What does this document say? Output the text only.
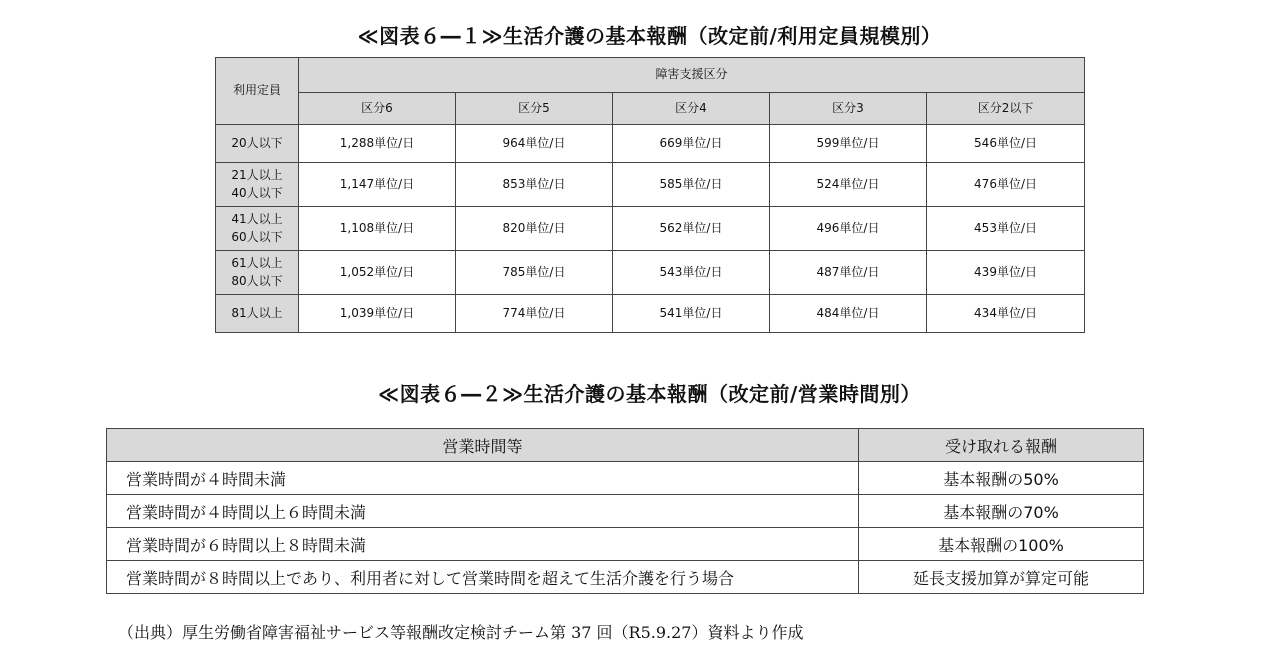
≪図表６―１≫生活介護の基本報酬（改定前/利用定員規模別）
利用定員	障害支援区分				
	区分6	区分5	区分4	区分3	区分2以下
20人以下	1,288単位/日	964単位/日	669単位/日	599単位/日	546単位/日
21人以上
40人以下	1,147単位/日	853単位/日	585単位/日	524単位/日	476単位/日
41人以上
60人以下	1,108単位/日	820単位/日	562単位/日	496単位/日	453単位/日
61人以上
80人以下	1,052単位/日	785単位/日	543単位/日	487単位/日	439単位/日
81人以上	1,039単位/日	774単位/日	541単位/日	484単位/日	434単位/日
≪図表６―２≫生活介護の基本報酬（改定前/営業時間別）
営業時間等	受け取れる報酬
営業時間が４時間未満	基本報酬の50%
営業時間が４時間以上６時間未満	基本報酬の70%
営業時間が６時間以上８時間未満	基本報酬の100%
営業時間が８時間以上であり、利用者に対して営業時間を超えて生活介護を行う場合	延長支援加算が算定可能
（出典）厚生労働省障害福祉サービス等報酬改定検討チーム第 37 回（R5.9.27）資料より作成
